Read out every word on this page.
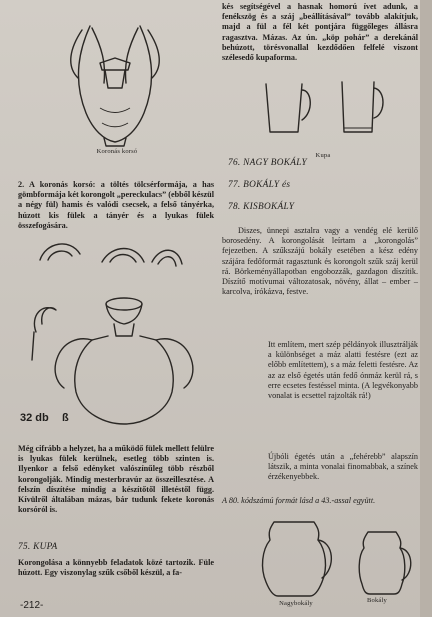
Koronás korsó

2. A koronás korsó: a töltés tölcsérformája, a has gömbformája két korongolt „pereckulacs” (ebből készül a négy fül) hamis és valódi csecsek, a felső tányérka, húzott kis fülek a tányér és a lyukas fülek összefogására.

32 db ß

Még cifrább a helyzet, ha a működő fülek mellett felülre is lyukas fülek kerülnek, esetleg több szinten is. Ilyenkor a felső edényket valószínűleg több részből korongolják. Mindig mesterbravúr az összeillesztése. A felszín díszítése mindig a készítőtől illetéstől függ. Kívülről általában mázas, bár tudunk fekete koronás korsóról is.

75. KUPA

Korongolása a könnyebb feladatok közé tartozik. Füle húzott. Egy viszonylag szűk csőből készül, a fa-

-212-

kés segítségével a hasnak homorú ívet adunk, a fenékszög és a száj „beállításával” tovább alakítjuk, majd a fül a fél két pontjára függőleges állásra ragasztva. Mázas. Az ún. „köp pohár” a derekánál behúzott, törésvonallal kezdődően felfelé viszont szélesedő kupaforma.

Kupa
76. NAGY BOKÁLY
77. BOKÁLY és
78. KISBOKÁLY

Diszes, ünnepi asztalra vagy a vendég elé kerülő borosedény. A korongolását leírtam a „korongolás” fejezetben. A szűkszájú bokály esetében a kész edény szájára fedőformát ragasztunk és korongolt szűk száj kerül rá. Börkeményállapotban engobozzák, gazdagon díszítik. Díszítő motívumai változatosak, növény, állat – ember – karcolva, írókázva, festve.

Itt említem, mert szép példányok illusztrálják a különbséget a máz alatti festésre (ezt az előbb említettem), s a máz feletti festésre. Az az az első égetés után fedő ónmáz kerül rá, s erre ecsetes festéssel minta. (A legvékonyabb vonalat is ecsettel rajzolták rá!)

Újbóli égetés után a „fehérebb” alapszín látszik, a minta vonalai finomabbak, a színek érzékenyebbek.

A 80. kódszámú formát lásd a 43.-assal együtt.

Nagybokály	Bokály
